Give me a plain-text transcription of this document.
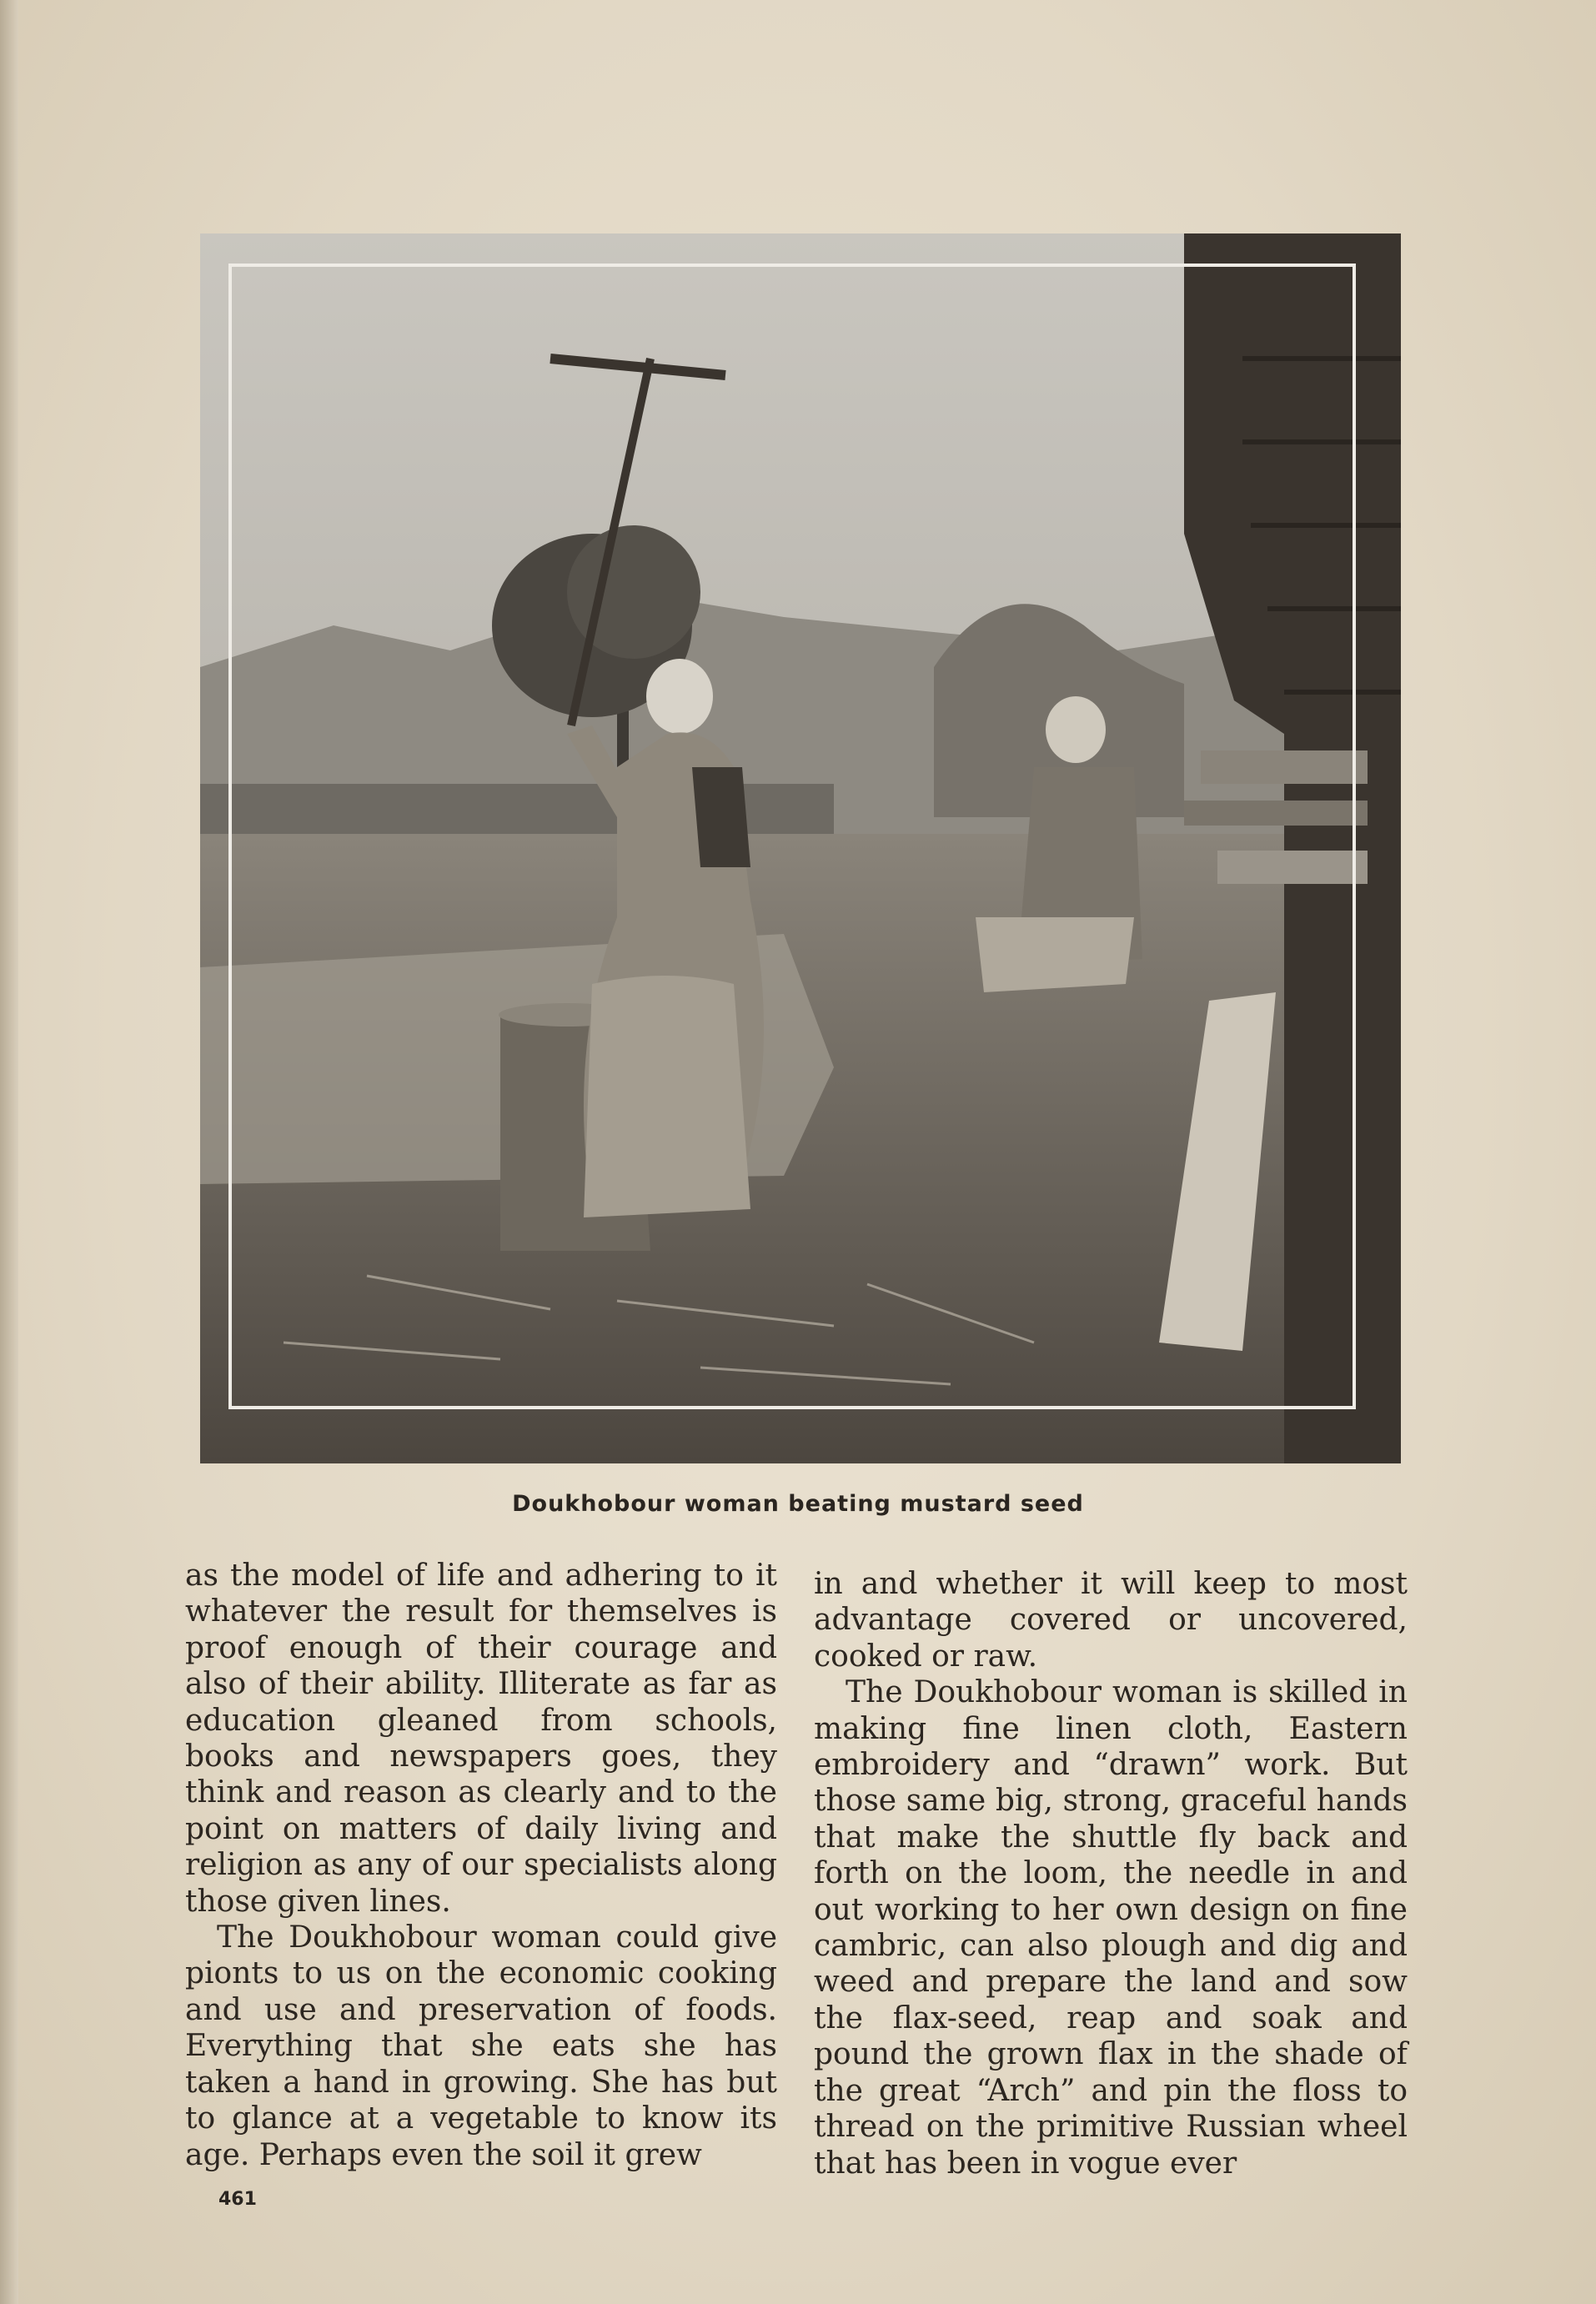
Doukhobour woman beating mustard seed

as the model of life and adhering to it whatever the result for themselves is proof enough of their courage and also of their ability. Illiterate as far as education gleaned from schools, books and newspapers goes, they think and reason as clearly and to the point on matters of daily living and religion as any of our specialists along those given lines.

The Doukhobour woman could give pionts to us on the economic cooking and use and preservation of foods. Everything that she eats she has taken a hand in growing. She has but to glance at a vegetable to know its age. Perhaps even the soil it grew

in and whether it will keep to most advantage covered or uncovered, cooked or raw.

The Doukhobour woman is skilled in making fine linen cloth, Eastern embroidery and “drawn” work. But those same big, strong, graceful hands that make the shuttle fly back and forth on the loom, the needle in and out working to her own design on fine cambric, can also plough and dig and weed and prepare the land and sow the flax-seed, reap and soak and pound the grown flax in the shade of the great “Arch” and pin the floss to thread on the primitive Russian wheel that has been in vogue ever

461
